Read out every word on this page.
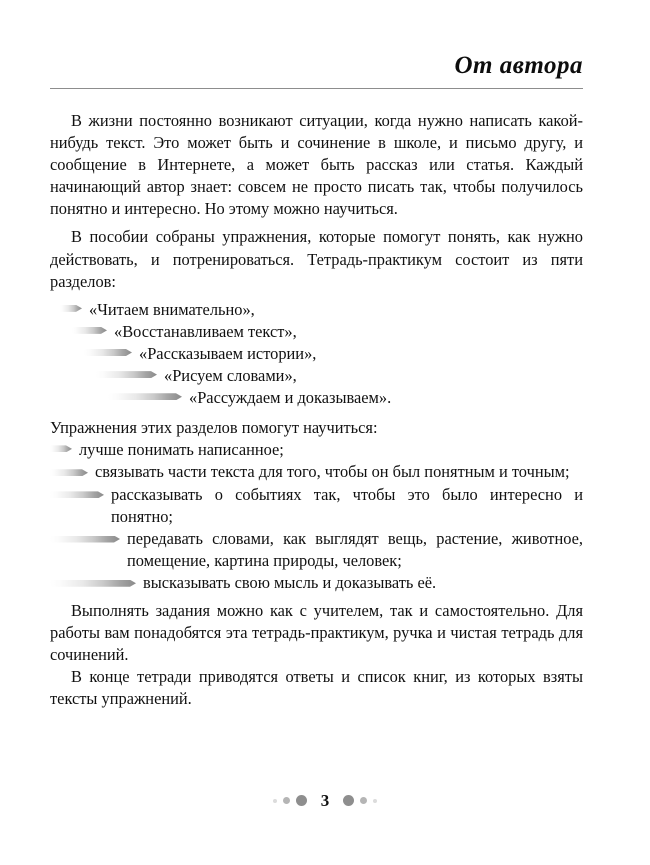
От автора

В жизни постоянно возникают ситуации, когда нужно написать какой-нибудь текст. Это может быть и сочинение в школе, и письмо другу, и сообщение в Интернете, а может быть рассказ или статья. Каждый начинающий автор знает: совсем не просто писать так, чтобы получилось понятно и интересно. Но этому можно научиться.

В пособии собраны упражнения, которые помогут понять, как нужно действовать, и потренироваться. Тетрадь-практикум состоит из пяти разделов:

«Читаем внимательно»,
«Восстанавливаем текст»,
«Рассказываем истории»,
«Рисуем словами»,
«Рассуждаем и доказываем».

Упражнения этих разделов помогут научиться:

лучше понимать написанное;
связывать части текста для того, чтобы он был понятным и точным;
рассказывать о событиях так, чтобы это было интересно и понятно;
передавать словами, как выглядят вещь, растение, животное, помещение, картина природы, человек;
высказывать свою мысль и доказывать её.

Выполнять задания можно как с учителем, так и самостоятельно. Для работы вам понадобятся эта тетрадь-практикум, ручка и чистая тетрадь для сочинений.

В конце тетради приводятся ответы и список книг, из которых взяты тексты упражнений.

3
